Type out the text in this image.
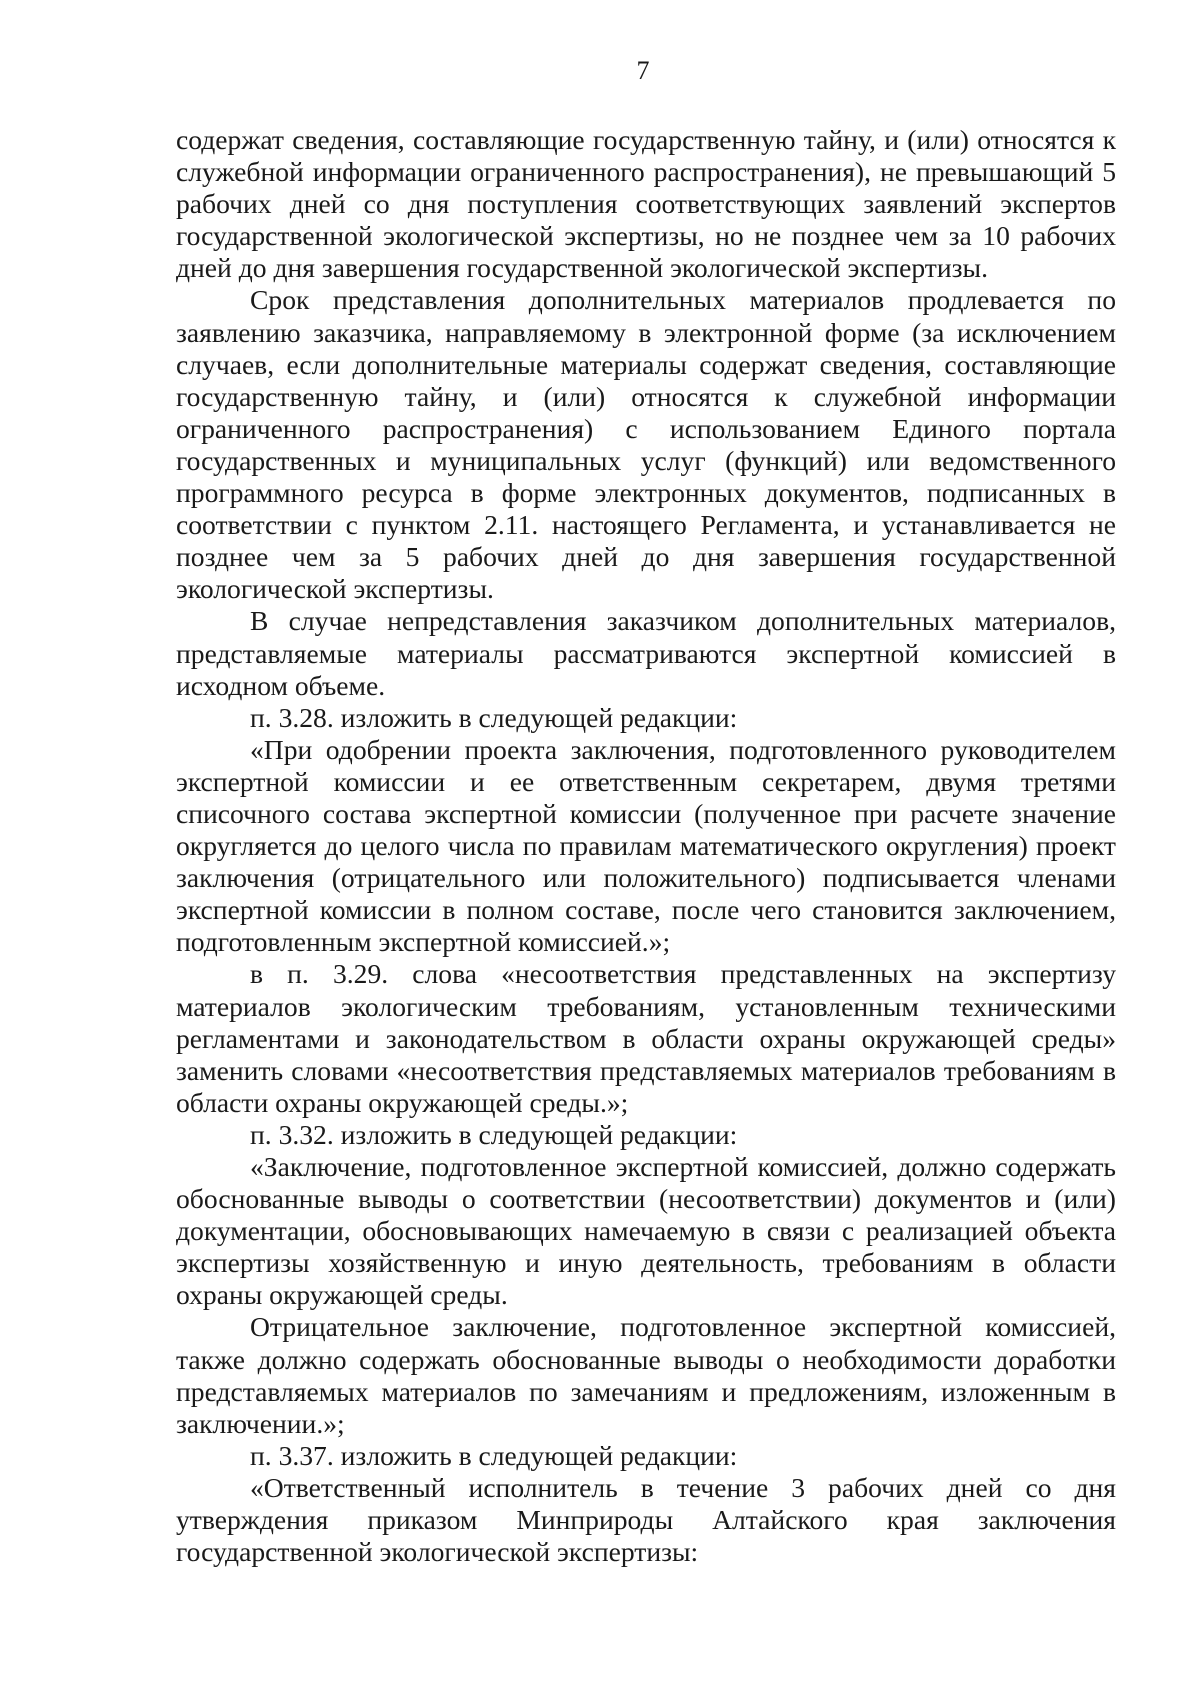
7

содержат сведения, составляющие государственную тайну, и (или) относятся к служебной информации ограниченного распространения), не превышающий 5 рабочих дней со дня поступления соответствующих заявлений экспертов государственной экологической экспертизы, но не позднее чем за 10 рабочих дней до дня завершения государственной экологической экспертизы.

Срок представления дополнительных материалов продлевается по заявлению заказчика, направляемому в электронной форме (за исключением случаев, если дополнительные материалы содержат сведения, составляющие государственную тайну, и (или) относятся к служебной информации ограниченного распространения) с использованием Единого портала государственных и муниципальных услуг (функций) или ведомственного программного ресурса в форме электронных документов, подписанных в соответствии с пунктом 2.11. настоящего Регламента, и устанавливается не позднее чем за 5 рабочих дней до дня завершения государственной экологической экспертизы.

В случае непредставления заказчиком дополнительных материалов, представляемые материалы рассматриваются экспертной комиссией в исходном объеме.

п. 3.28. изложить в следующей редакции:

«При одобрении проекта заключения, подготовленного руководителем экспертной комиссии и ее ответственным секретарем, двумя третями списочного состава экспертной комиссии (полученное при расчете значение округляется до целого числа по правилам математического округления) проект заключения (отрицательного или положительного) подписывается членами экспертной комиссии в полном составе, после чего становится заключением, подготовленным экспертной комиссией.»;

в п. 3.29. слова «несоответствия представленных на экспертизу материалов экологическим требованиям, установленным техническими регламентами и законодательством в области охраны окружающей среды» заменить словами «несоответствия представляемых материалов требованиям в области охраны окружающей среды.»;

п. 3.32. изложить в следующей редакции:

«Заключение, подготовленное экспертной комиссией, должно содержать обоснованные выводы о соответствии (несоответствии) документов и (или) документации, обосновывающих намечаемую в связи с реализацией объекта экспертизы хозяйственную и иную деятельность, требованиям в области охраны окружающей среды.

Отрицательное заключение, подготовленное экспертной комиссией, также должно содержать обоснованные выводы о необходимости доработки представляемых материалов по замечаниям и предложениям, изложенным в заключении.»;

п. 3.37. изложить в следующей редакции:

«Ответственный исполнитель в течение 3 рабочих дней со дня утверждения приказом Минприроды Алтайского края заключения государственной экологической экспертизы:
